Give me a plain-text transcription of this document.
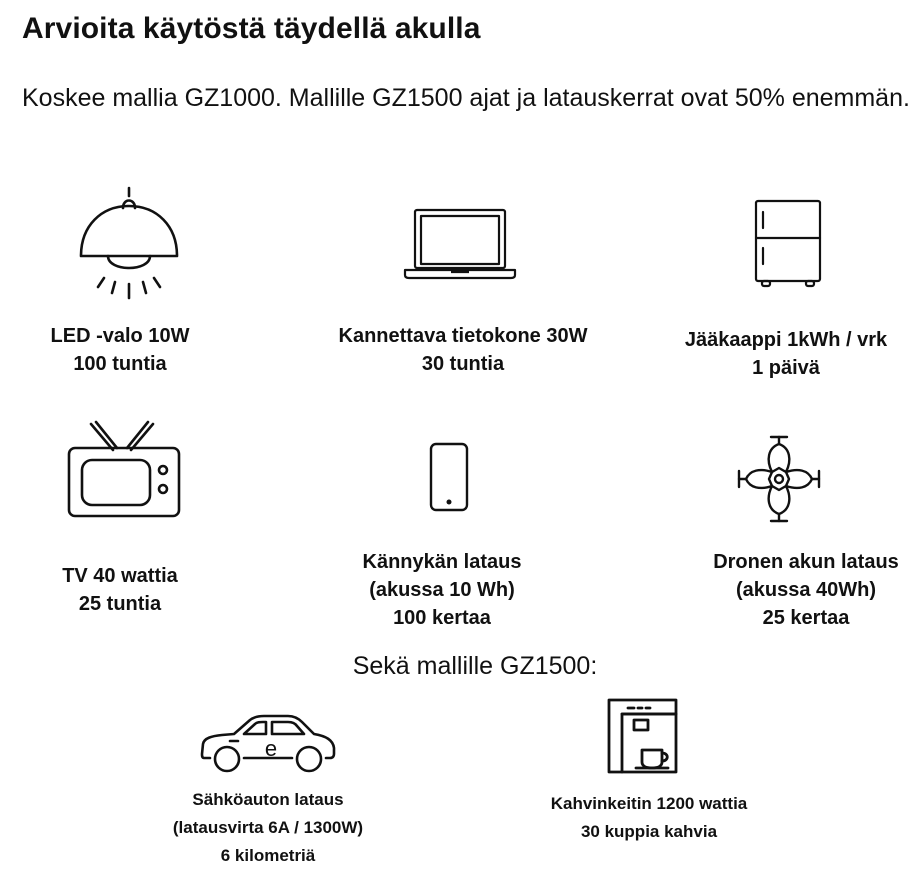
Arvioita käytöstä täydellä akulla

Koskee mallia GZ1000. Mallille GZ1500 ajat ja latauskerrat ovat 50% enemmän.

LED -valo 10W
100 tuntia
Kannettava tietokone 30W
30 tuntia
Jääkaappi 1kWh / vrk
1 päivä
TV 40 wattia
25 tuntia
Kännykän lataus
(akussa 10 Wh)
100 kertaa
Dronen akun lataus
(akussa 40Wh)
25 kertaa
Sekä mallille GZ1500:
e
Sähköauton lataus
(latausvirta 6A / 1300W)
6 kilometriä
Kahvinkeitin 1200 wattia
30 kuppia kahvia
